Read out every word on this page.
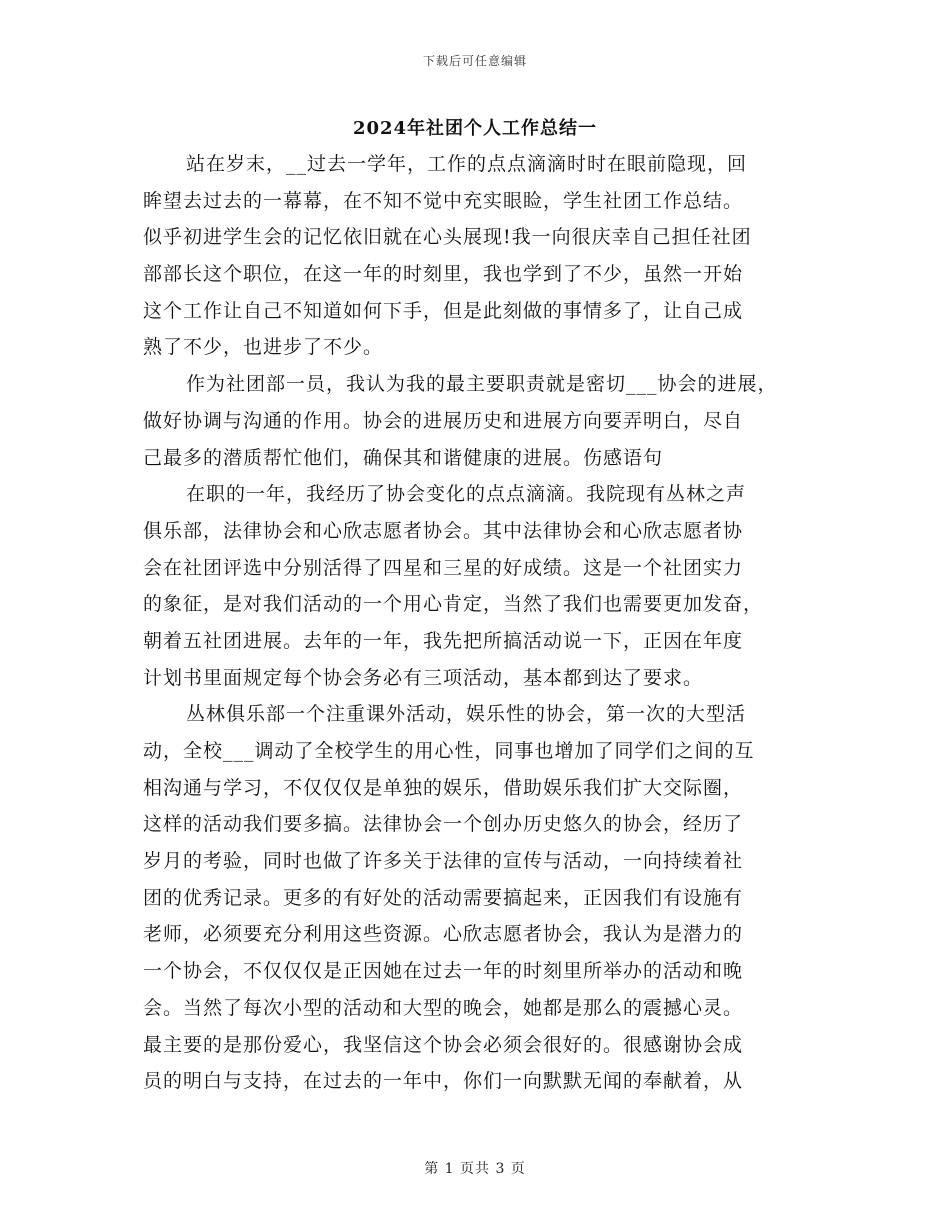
下载后可任意编辑
2024年社团个人工作总结一
站在岁末，__过去一学年，工作的点点滴滴时时在眼前隐现，回
眸望去过去的一幕幕，在不知不觉中充实眼睑，学生社团工作总结。
似乎初进学生会的记忆依旧就在心头展现!我一向很庆幸自己担任社团
部部长这个职位，在这一年的时刻里，我也学到了不少，虽然一开始
这个工作让自己不知道如何下手，但是此刻做的事情多了，让自己成
熟了不少，也进步了不少。
作为社团部一员，我认为我的最主要职责就是密切___协会的进展，
做好协调与沟通的作用。协会的进展历史和进展方向要弄明白，尽自
己最多的潜质帮忙他们，确保其和谐健康的进展。伤感语句
在职的一年，我经历了协会变化的点点滴滴。我院现有丛林之声
俱乐部，法律协会和心欣志愿者协会。其中法律协会和心欣志愿者协
会在社团评选中分别活得了四星和三星的好成绩。这是一个社团实力
的象征，是对我们活动的一个用心肯定，当然了我们也需要更加发奋，
朝着五社团进展。去年的一年，我先把所搞活动说一下，正因在年度
计划书里面规定每个协会务必有三项活动，基本都到达了要求。
丛林俱乐部一个注重课外活动，娱乐性的协会，第一次的大型活
动，全校___调动了全校学生的用心性，同事也增加了同学们之间的互
相沟通与学习，不仅仅仅是单独的娱乐，借助娱乐我们扩大交际圈，
这样的活动我们要多搞。法律协会一个创办历史悠久的协会，经历了
岁月的考验，同时也做了许多关于法律的宣传与活动，一向持续着社
团的优秀记录。更多的有好处的活动需要搞起来，正因我们有设施有
老师，必须要充分利用这些资源。心欣志愿者协会，我认为是潜力的
一个协会，不仅仅仅是正因她在过去一年的时刻里所举办的活动和晚
会。当然了每次小型的活动和大型的晚会，她都是那么的震撼心灵。
最主要的是那份爱心，我坚信这个协会必须会很好的。很感谢协会成
员的明白与支持，在过去的一年中，你们一向默默无闻的奉献着，从
第 1 页共 3 页
